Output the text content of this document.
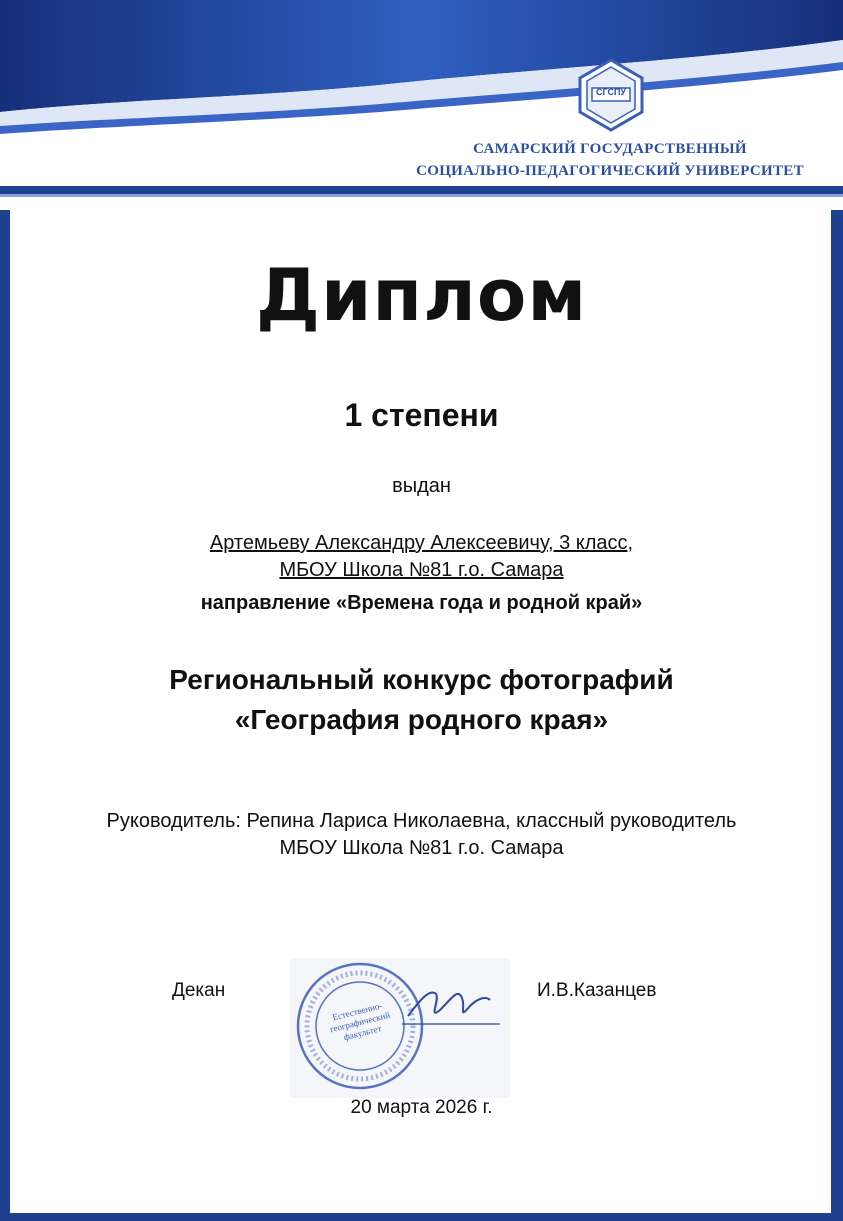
СГСПУ
САМАРСКИЙ ГОСУДАРСТВЕННЫЙ
СОЦИАЛЬНО-ПЕДАГОГИЧЕСКИЙ УНИВЕРСИТЕТ
Диплом
1 степени
выдан
Артемьеву Александру Алексеевичу, 3 класс,
МБОУ Школа №81 г.о. Самара
направление «Времена года и родной край»
Региональный конкурс фотографий
«География родного края»
Руководитель: Репина Лариса Николаевна, классный руководитель
МБОУ Школа №81 г.о. Самара
Декан
Естественно-географический факультет
И.В.Казанцев
20 марта 2026 г.
